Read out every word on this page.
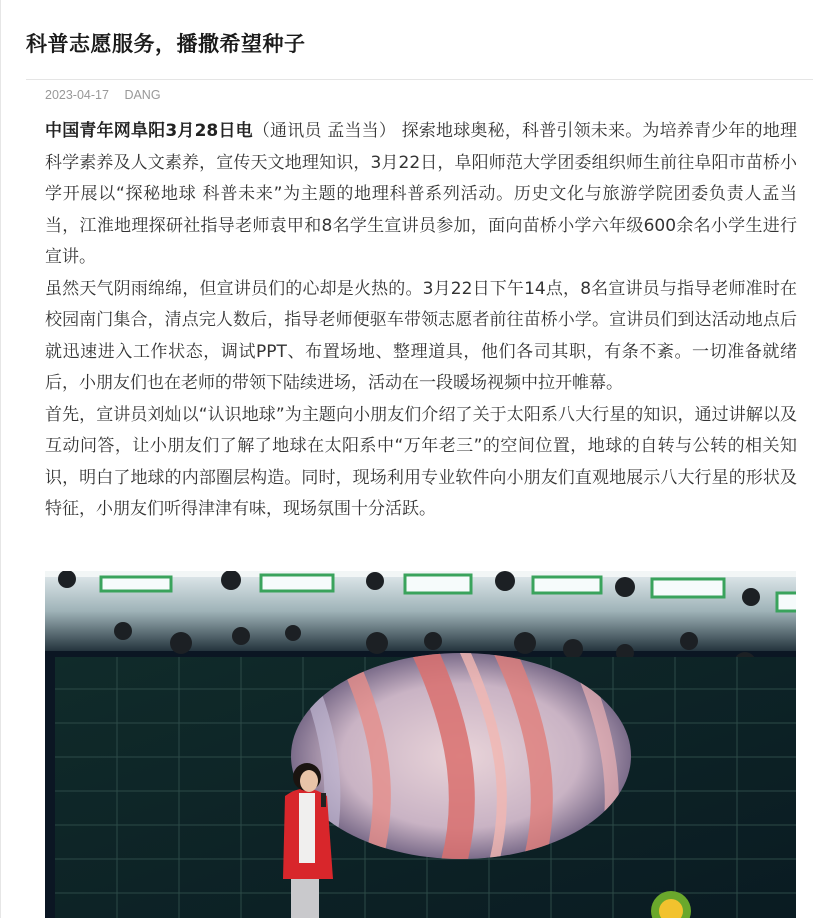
科普志愿服务，播撒希望种子
2023-04-17 DANG

中国青年网阜阳3月28日电（通讯员 孟当当） 探索地球奥秘，科普引领未来。为培养青少年的地理科学素养及人文素养，宣传天文地理知识，3月22日，阜阳师范大学团委组织师生前往阜阳市苗桥小学开展以“探秘地球 科普未来”为主题的地理科普系列活动。历史文化与旅游学院团委负责人孟当当，江淮地理探研社指导老师袁甲和8名学生宣讲员参加，面向苗桥小学六年级600余名小学生进行宣讲。

虽然天气阴雨绵绵，但宣讲员们的心却是火热的。3月22日下午14点，8名宣讲员与指导老师准时在校园南门集合，清点完人数后，指导老师便驱车带领志愿者前往苗桥小学。宣讲员们到达活动地点后就迅速进入工作状态，调试PPT、布置场地、整理道具，他们各司其职，有条不紊。一切准备就绪后，小朋友们也在老师的带领下陆续进场，活动在一段暖场视频中拉开帷幕。

首先，宣讲员刘灿以“认识地球”为主题向小朋友们介绍了关于太阳系八大行星的知识，通过讲解以及互动问答，让小朋友们了解了地球在太阳系中“万年老三”的空间位置，地球的自转与公转的相关知识，明白了地球的内部圈层构造。同时，现场利用专业软件向小朋友们直观地展示八大行星的形状及特征，小朋友们听得津津有味，现场氛围十分活跃。
